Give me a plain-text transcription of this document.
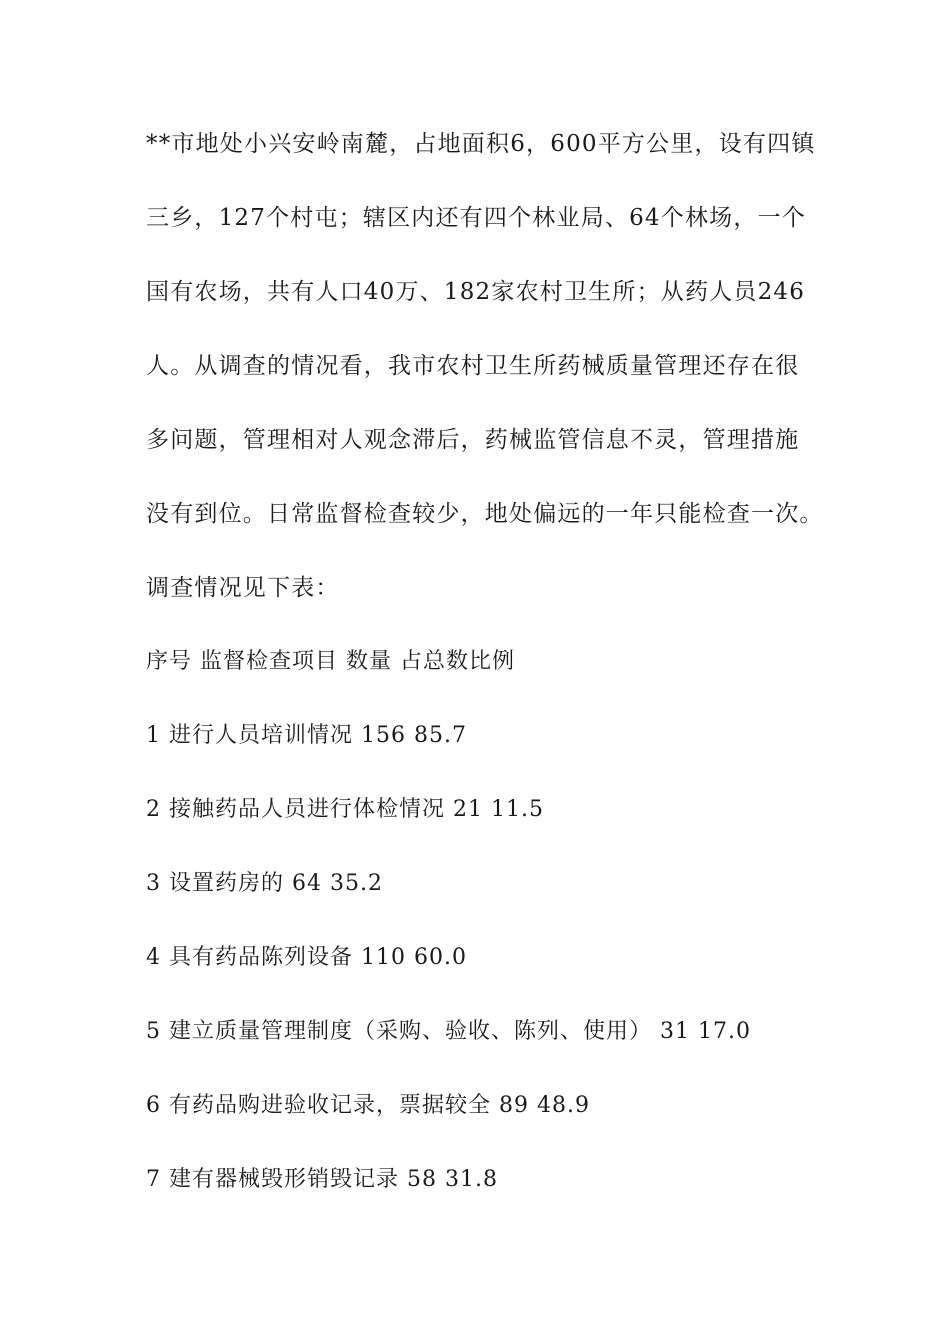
**市地处小兴安岭南麓，占地面积6，600平方公里，设有四镇
三乡，127个村屯；辖区内还有四个林业局、64个林场，一个
国有农场，共有人口40万、182家农村卫生所；从药人员246
人。从调查的情况看，我市农村卫生所药械质量管理还存在很
多问题，管理相对人观念滞后，药械监管信息不灵，管理措施
没有到位。日常监督检查较少，地处偏远的一年只能检查一次。
调查情况见下表：
序号 监督检查项目 数量 占总数比例
1 进行人员培训情况 156 85.7
2 接触药品人员进行体检情况 21 11.5
3 设置药房的 64 35.2
4 具有药品陈列设备 110 60.0
5 建立质量管理制度（采购、验收、陈列、使用） 31 17.0
6 有药品购进验收记录，票据较全 89 48.9
7 建有器械毁形销毁记录 58 31.8
